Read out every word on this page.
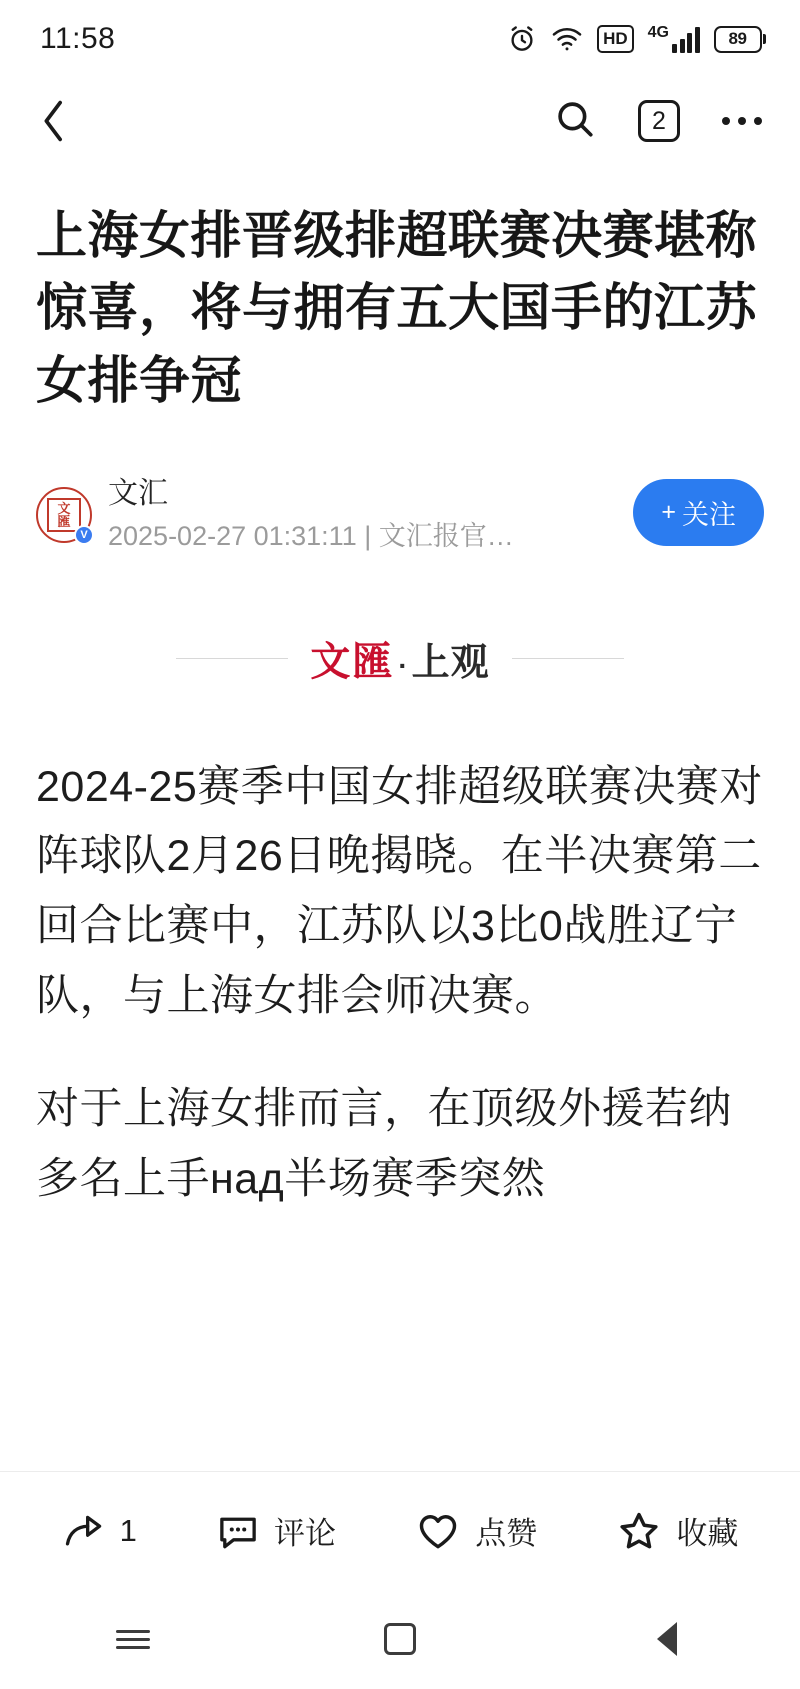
11:58	HD	4G	89
2
上海女排晋级排超联赛决赛堪称惊喜，将与拥有五大国手的江苏女排争冠
文
匯
V
文汇
2025-02-27 01:31:11 | 文汇报官…
+ 关注
文匯 · 上观

2024-25赛季中国女排超级联赛决赛对阵球队2月26日晚揭晓。在半决赛第二回合比赛中，江苏队以3比0战胜辽宁队，与上海女排会师决赛。

对于上海女排而言，在顶级外援若纳多名上手над半场赛季突然

1	评论	点赞	收藏
